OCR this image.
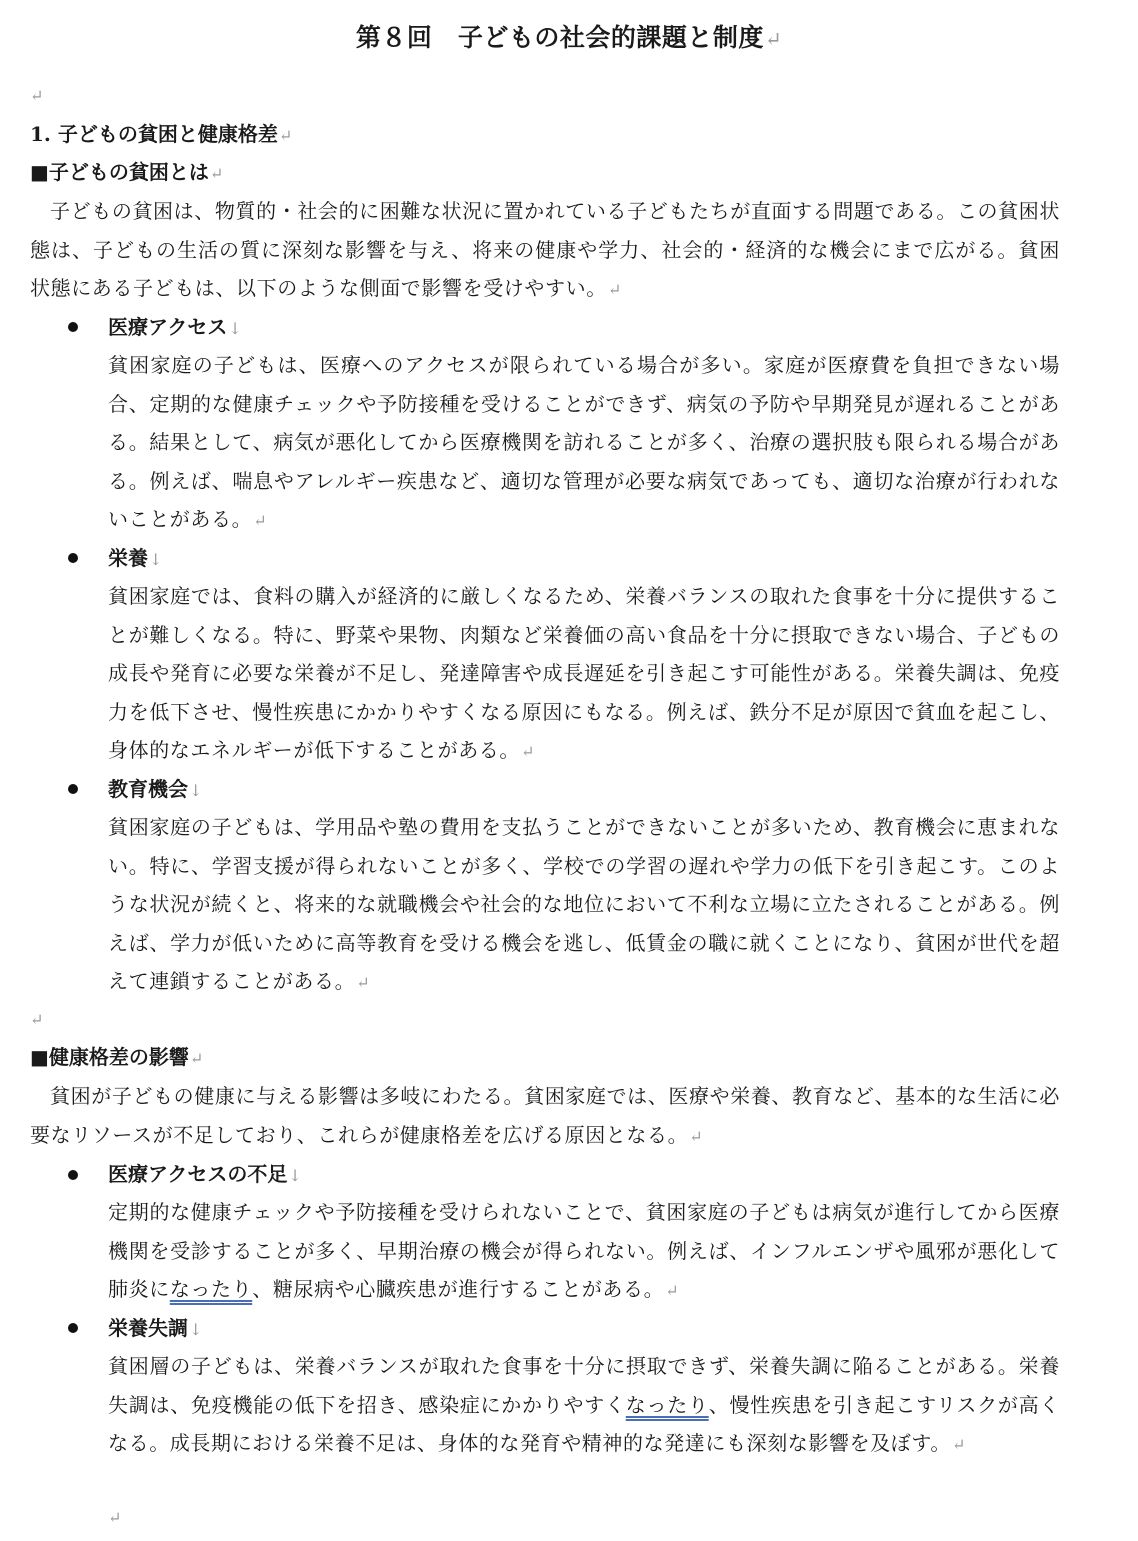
第８回　子どもの社会的課題と制度↵
↵
1. 子どもの貧困と健康格差↵
■子どもの貧困とは↵
子どもの貧困は、物質的・社会的に困難な状況に置かれている子どもたちが直面する問題である。この貧困状態は、子どもの生活の質に深刻な影響を与え、将来の健康や学力、社会的・経済的な機会にまで広がる。貧困状態にある子どもは、以下のような側面で影響を受けやすい。↵
医療アクセス↓
貧困家庭の子どもは、医療へのアクセスが限られている場合が多い。家庭が医療費を負担できない場合、定期的な健康チェックや予防接種を受けることができず、病気の予防や早期発見が遅れることがある。結果として、病気が悪化してから医療機関を訪れることが多く、治療の選択肢も限られる場合がある。例えば、喘息やアレルギー疾患など、適切な管理が必要な病気であっても、適切な治療が行われないことがある。↵
栄養↓
貧困家庭では、食料の購入が経済的に厳しくなるため、栄養バランスの取れた食事を十分に提供することが難しくなる。特に、野菜や果物、肉類など栄養価の高い食品を十分に摂取できない場合、子どもの成長や発育に必要な栄養が不足し、発達障害や成長遅延を引き起こす可能性がある。栄養失調は、免疫力を低下させ、慢性疾患にかかりやすくなる原因にもなる。例えば、鉄分不足が原因で貧血を起こし、身体的なエネルギーが低下することがある。↵
教育機会↓
貧困家庭の子どもは、学用品や塾の費用を支払うことができないことが多いため、教育機会に恵まれない。特に、学習支援が得られないことが多く、学校での学習の遅れや学力の低下を引き起こす。このような状況が続くと、将来的な就職機会や社会的な地位において不利な立場に立たされることがある。例えば、学力が低いために高等教育を受ける機会を逃し、低賃金の職に就くことになり、貧困が世代を超えて連鎖することがある。↵
↵
■健康格差の影響↵
貧困が子どもの健康に与える影響は多岐にわたる。貧困家庭では、医療や栄養、教育など、基本的な生活に必要なリソースが不足しており、これらが健康格差を広げる原因となる。↵
医療アクセスの不足↓
定期的な健康チェックや予防接種を受けられないことで、貧困家庭の子どもは病気が進行してから医療機関を受診することが多く、早期治療の機会が得られない。例えば、インフルエンザや風邪が悪化して肺炎になったり、糖尿病や心臓疾患が進行することがある。↵
栄養失調↓
貧困層の子どもは、栄養バランスが取れた食事を十分に摂取できず、栄養失調に陥ることがある。栄養失調は、免疫機能の低下を招き、感染症にかかりやすくなったり、慢性疾患を引き起こすリスクが高くなる。成長期における栄養不足は、身体的な発育や精神的な発達にも深刻な影響を及ぼす。↵
↵
